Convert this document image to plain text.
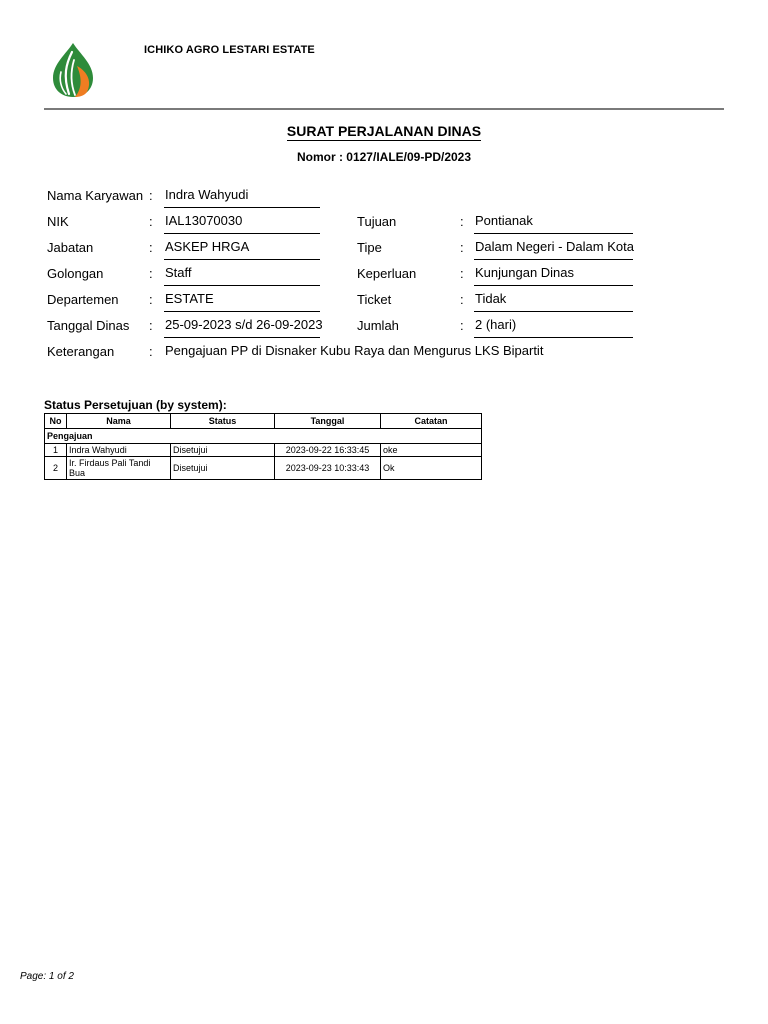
ICHIKO AGRO LESTARI ESTATE
SURAT PERJALANAN DINAS
Nomor : 0127/IALE/09-PD/2023
Nama Karyawan : Indra Wahyudi
NIK	: IAL13070030
Jabatan	: ASKEP HRGA
Golongan	: Staff
Departemen : ESTATE
Tanggal Dinas : 25-09-2023 s/d 26-09-2023
Keterangan	: Pengajuan PP di Disnaker Kubu Raya dan Mengurus LKS Bipartit
Tujuan	: Pontianak
Tipe	: Dalam Negeri - Dalam Kota
Keperluan	: Kunjungan Dinas
Ticket	: Tidak
Jumlah	: 2 (hari)
Status Persetujuan (by system):
No	Nama	Status	Tanggal	Catatan
Pengajuan				
1	Indra Wahyudi	Disetujui	2023-09-22 16:33:45	oke
2	Ir. Firdaus Pali Tandi Bua	Disetujui	2023-09-23 10:33:43	Ok
Page: 1 of 2
